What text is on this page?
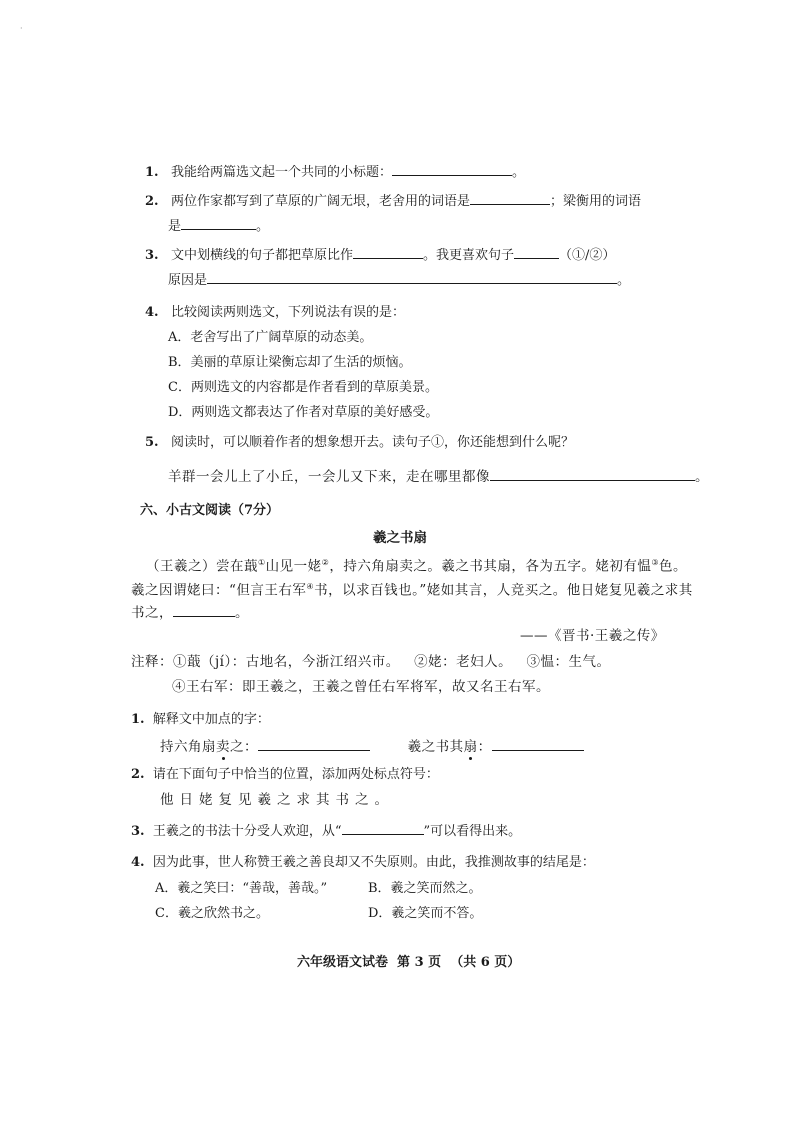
·
1. 我能给两篇选文起一个共同的小标题：	。
2. 两位作家都写到了草原的广阔无垠，老舍用的词语是	；梁衡用的词语
是	。
3. 文中划横线的句子都把草原比作	。我更喜欢句子	（①/②）
原因是	。
4. 比较阅读两则选文，下列说法有误的是：
A．老舍写出了广阔草原的动态美。
B．美丽的草原让梁衡忘却了生活的烦恼。
C．两则选文的内容都是作者看到的草原美景。
D．两则选文都表达了作者对草原的美好感受。
5. 阅读时，可以顺着作者的想象想开去。读句子①，你还能想到什么呢？
羊群一会儿上了小丘，一会儿又下来，走在哪里都像	。
六、小古文阅读（7分）
羲之书扇
（王羲之）尝在蕺①山见一姥②，持六角扇卖之。羲之书其扇，各为五字。姥初有愠③色。
羲之因谓姥曰：“但言王右军④书，以求百钱也。”姥如其言，人竞买之。他日姥复见羲之求其
书之，	。
——《晋书·王羲之传》
注释：①蕺（jí）：古地名，今浙江绍兴市。 ②姥：老妇人。 ③愠：生气。
④王右军：即王羲之，王羲之曾任右军将军，故又名王右军。
1. 解释文中加点的字：
持六角扇卖之：	羲之书其扇：
2. 请在下面句子中恰当的位置，添加两处标点符号：
他日姥复见羲之求其书之。
3. 王羲之的书法十分受人欢迎，从“	”可以看得出来。
4. 因为此事，世人称赞王羲之善良却又不失原则。由此，我推测故事的结尾是：
A．羲之笑曰：“善哉，善哉。”	B．羲之笑而然之。
C．羲之欣然书之。	D．羲之笑而不答。
六年级语文试卷  第 3 页  （共 6 页）
